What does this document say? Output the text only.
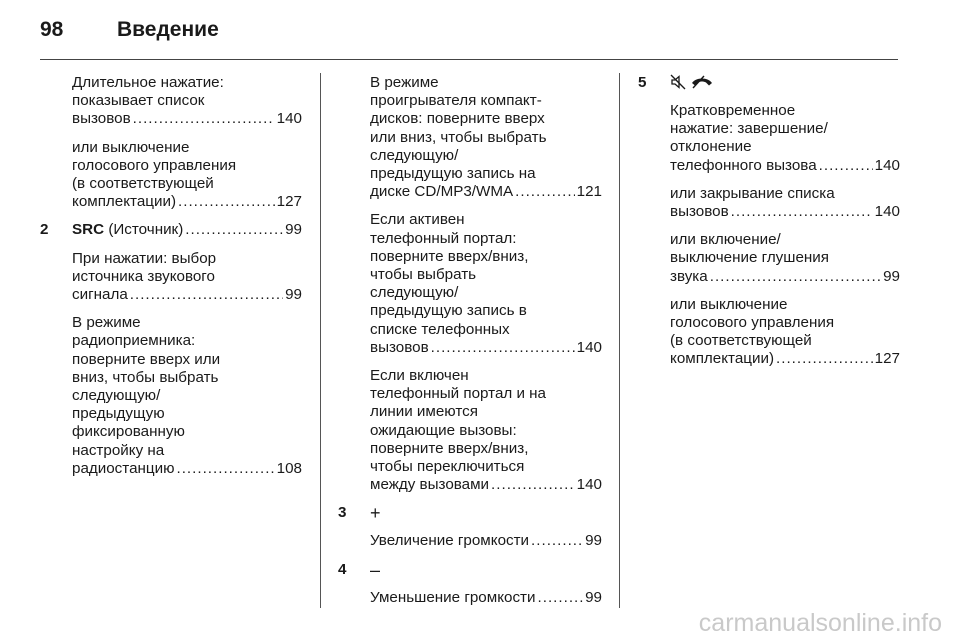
98	Введение
Длительное нажатие:
показывает список
вызовов .....	140
или выключение
голосового управления
(в соответствующей
комплектации) .....	127
2 SRC (Источник) .....	99
При нажатии: выбор
источника звукового
сигнала .....	99
В режиме
радиоприемника:
поверните вверх или
вниз, чтобы выбрать
следующую/
предыдущую
фиксированную
настройку на
радиостанцию .....	108
В режиме
проигрывателя компакт-
дисков: поверните вверх
или вниз, чтобы выбрать
следующую/
предыдущую запись на
диске CD/MP3/WMA .....	121
Если активен
телефонный портал:
поверните вверх/вниз,
чтобы выбрать
следующую/
предыдущую запись в
списке телефонных
вызовов .....	140
Если включен
телефонный портал и на
линии имеются
ожидающие вызовы:
поверните вверх/вниз,
чтобы переключиться
между вызовами .....	140
3 +
Увеличение громкости .....	99
4 –
Уменьшение громкости .....	99
5

Кратковременное
нажатие: завершение/
отклонение
телефонного вызова .....	140
или закрывание списка
вызовов .....	140
или включение/
выключение глушения
звука .....	99
или выключение
голосового управления
(в соответствующей
комплектации) .....	127
carmanualsonline.info
